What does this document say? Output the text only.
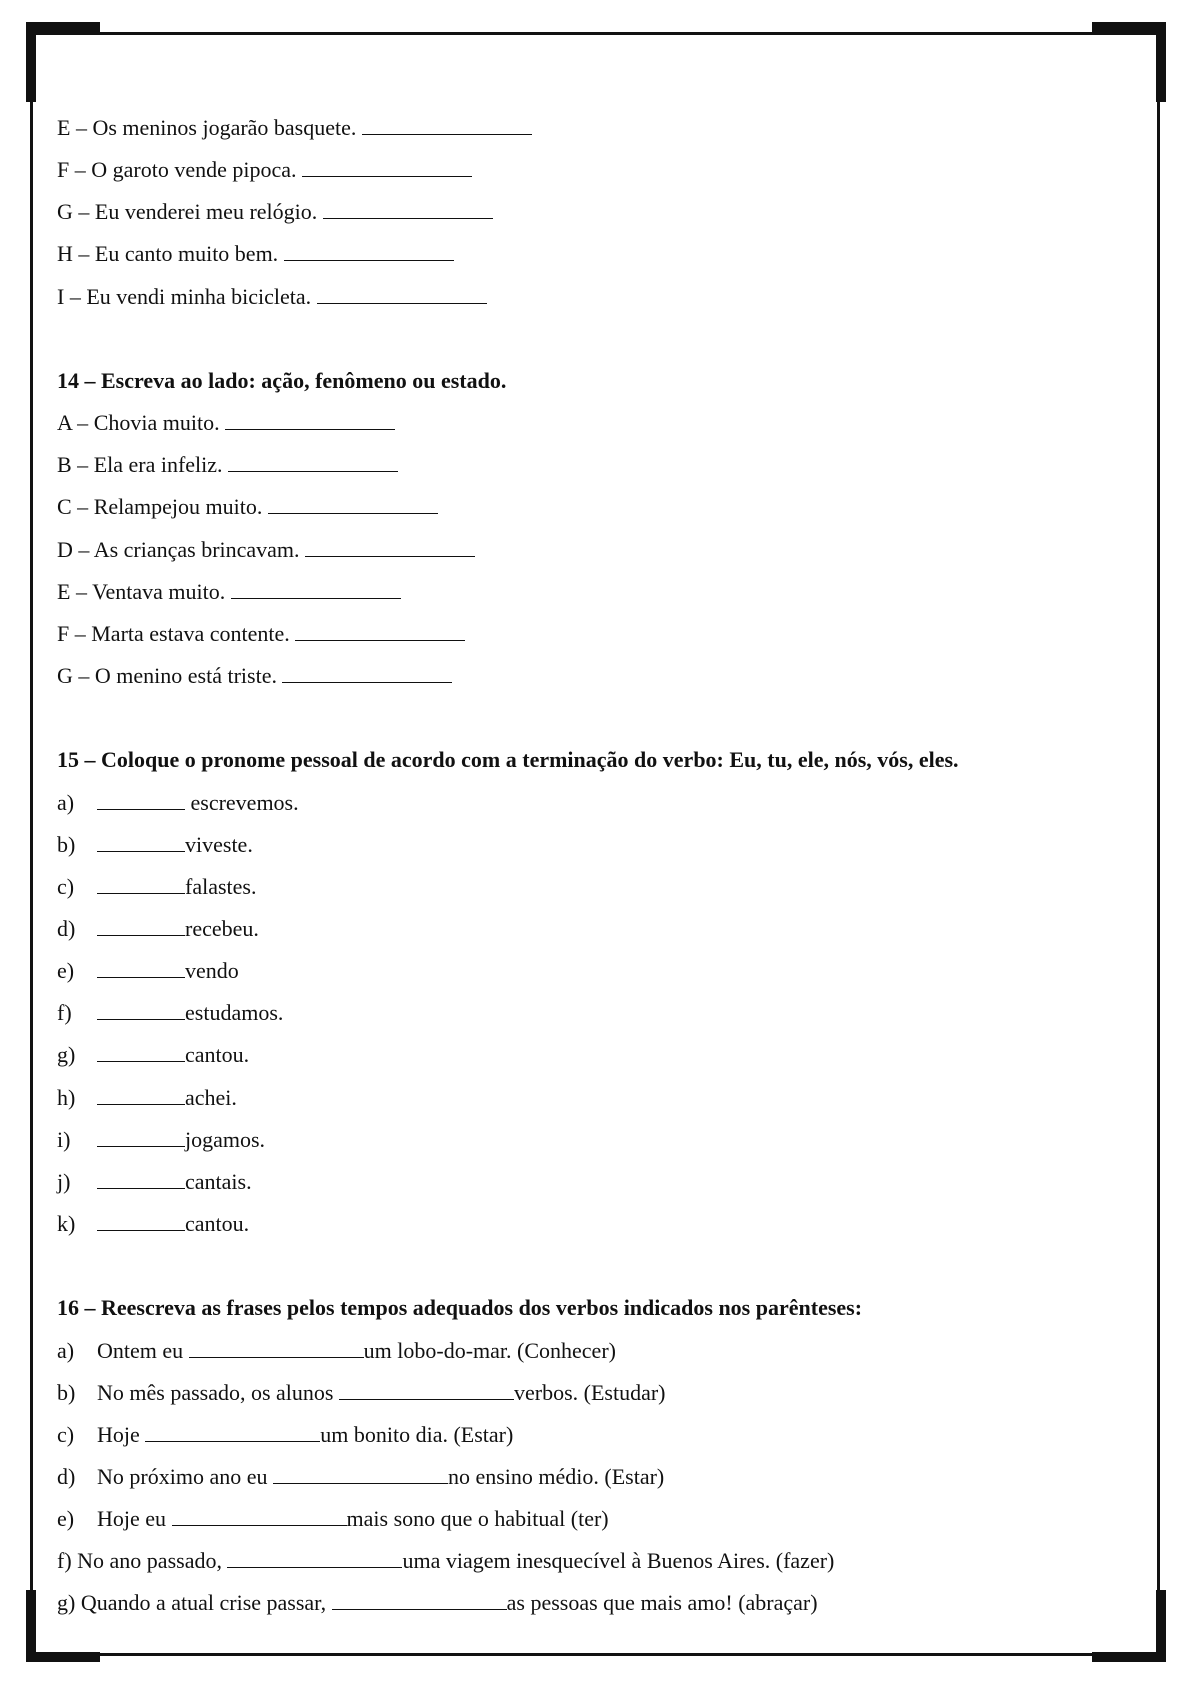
E – Os meninos jogarão basquete.
F – O garoto vende pipoca.
G – Eu venderei meu relógio.
H – Eu canto muito bem.
I – Eu vendi minha bicicleta.
14 – Escreva ao lado: ação, fenômeno ou estado.
A – Chovia muito.
B – Ela era infeliz.
C – Relampejou muito.
D – As crianças brincavam.
E – Ventava muito.
F – Marta estava contente.
G – O menino está triste.
15 – Coloque o pronome pessoal de acordo com a terminação do verbo: Eu, tu, ele, nós, vós, eles.
a)	escrevemos.
b)	viveste.
c)	falastes.
d)	recebeu.
e)	vendo
f)	estudamos.
g)	cantou.
h)	achei.
i)	jogamos.
j)	cantais.
k)	cantou.
16 – Reescreva as frases pelos tempos adequados dos verbos indicados nos parênteses:
a) Ontem eu	um lobo-do-mar. (Conhecer)
b) No mês passado, os alunos	verbos. (Estudar)
c) Hoje	um bonito dia. (Estar)
d) No próximo ano eu	no ensino médio. (Estar)
e) Hoje eu	mais sono que o habitual (ter)
f) No ano passado,	uma viagem inesquecível à Buenos Aires. (fazer)
g) Quando a atual crise passar,	as pessoas que mais amo! (abraçar)
